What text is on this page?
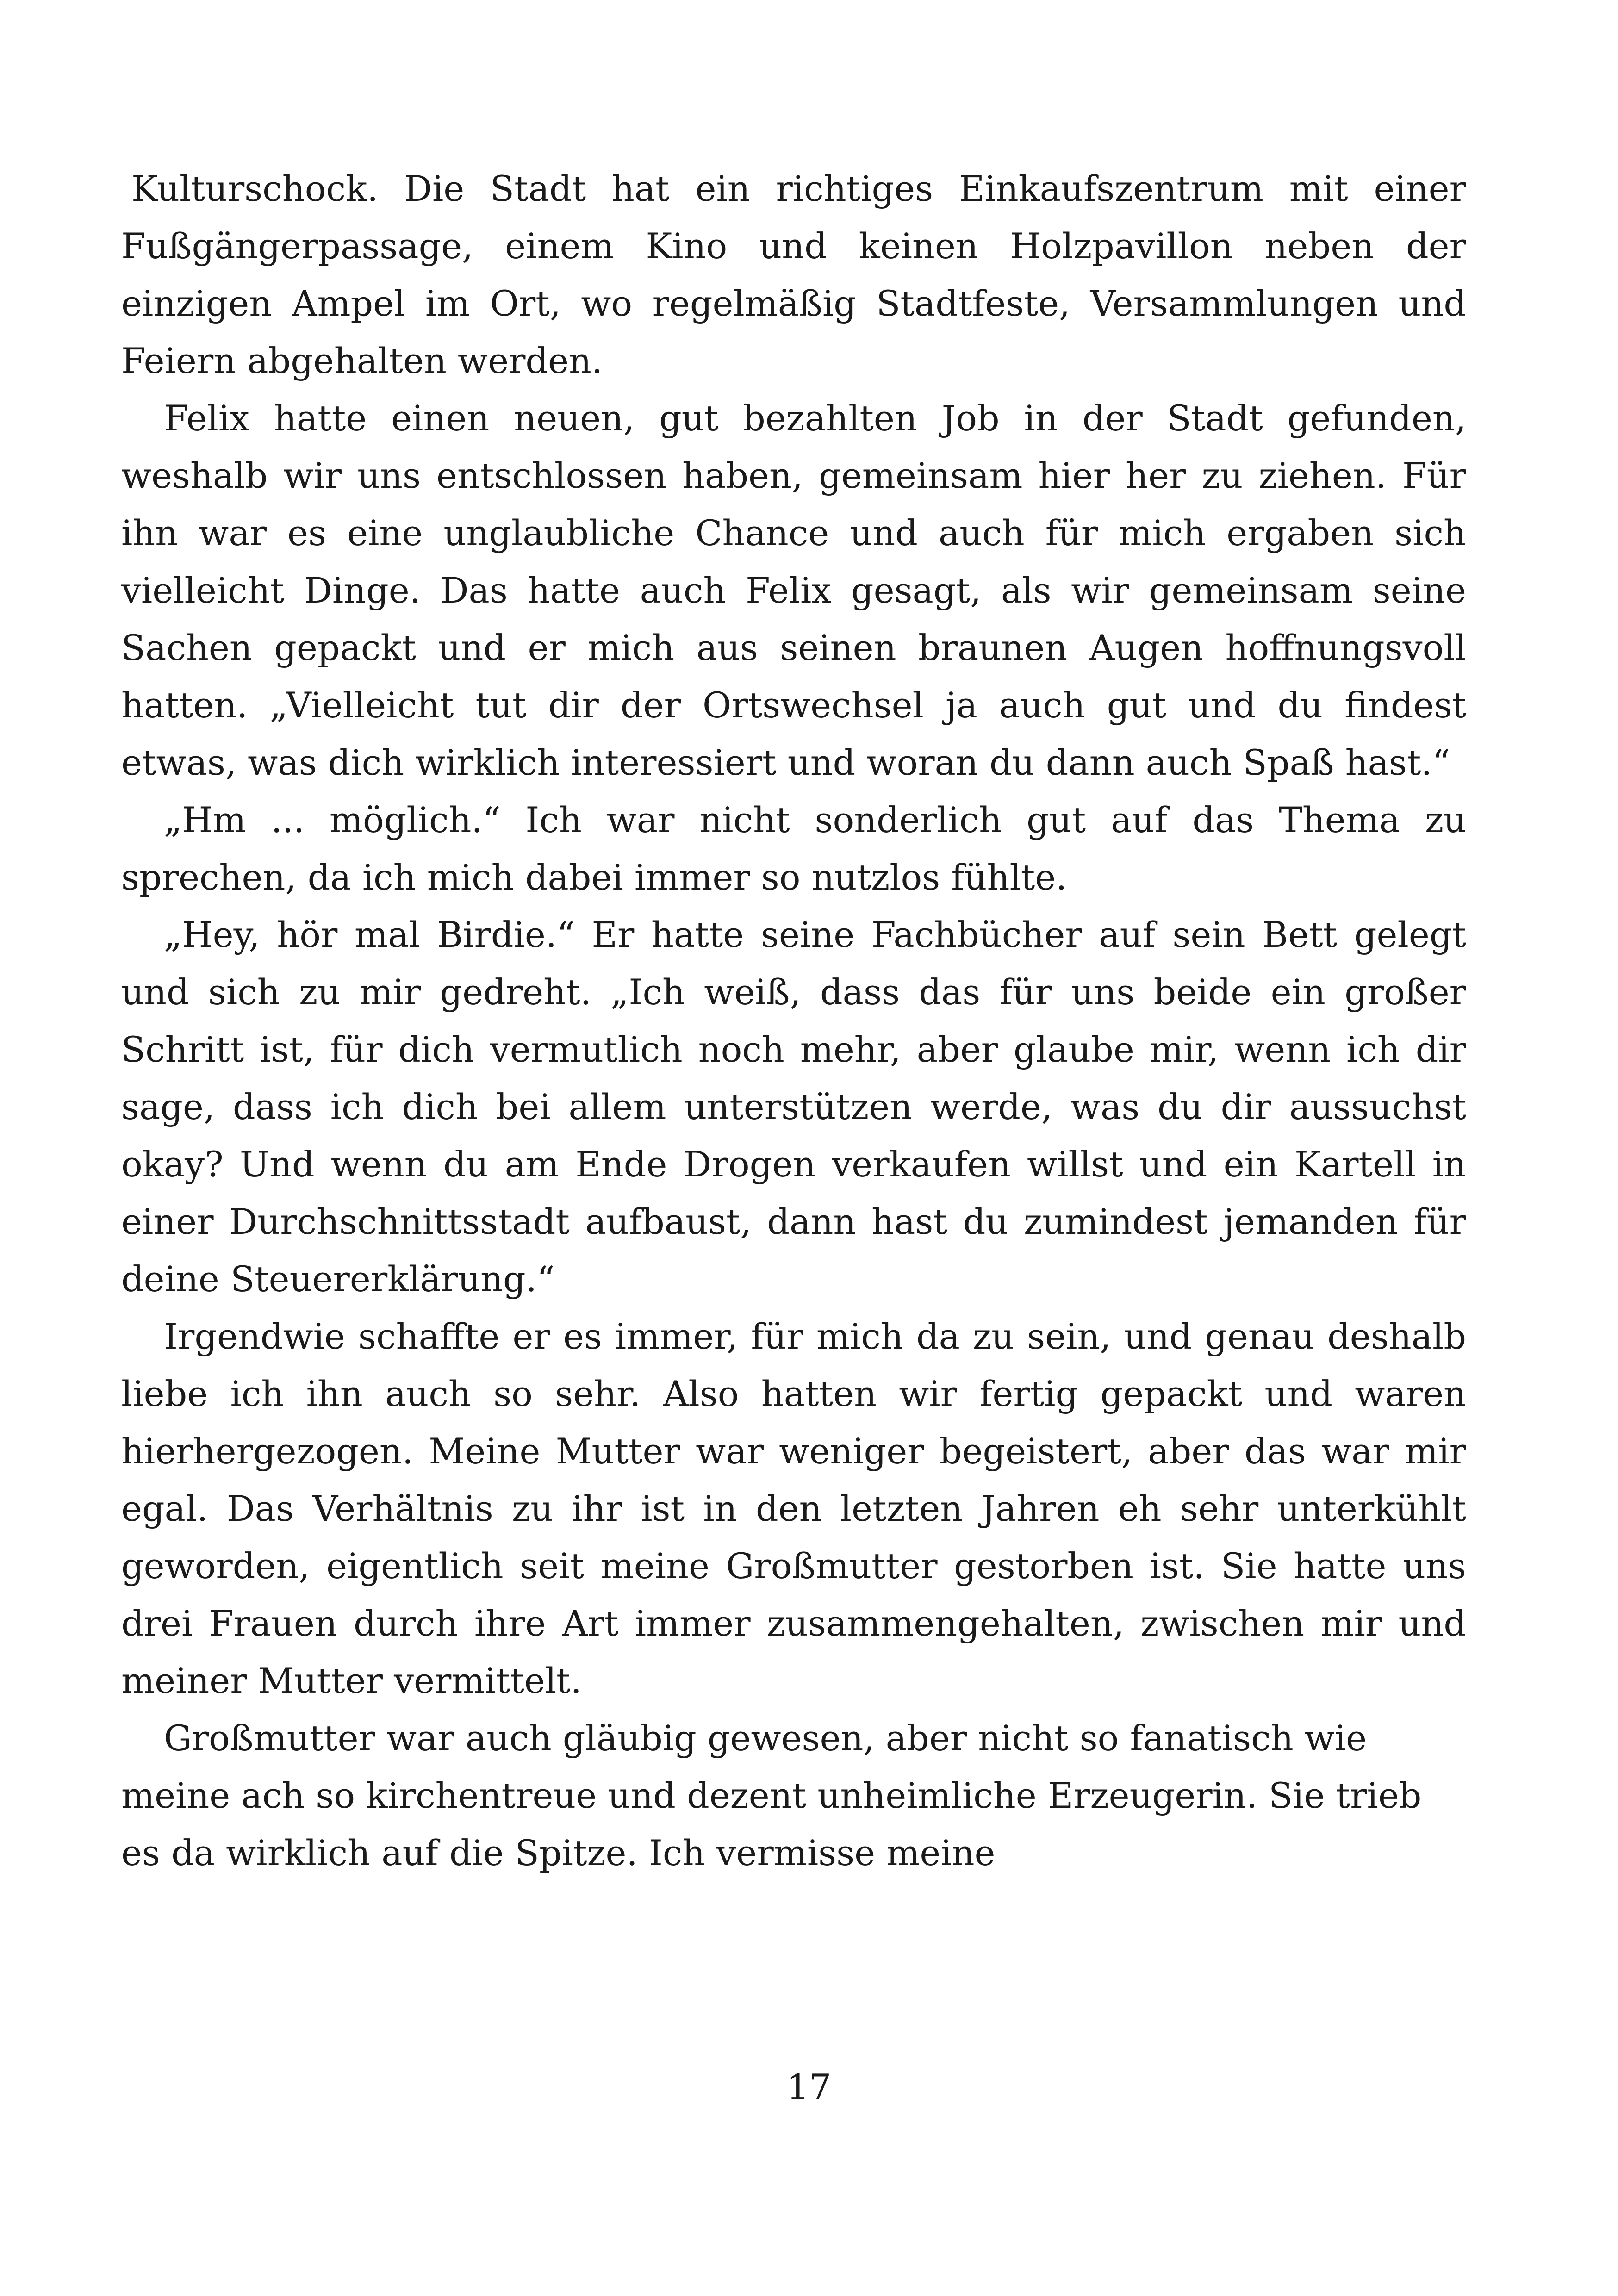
Kulturschock. Die Stadt hat ein richtiges Einkaufszentrum mit einer Fußgängerpassage, einem Kino und keinen Holzpavillon neben der einzigen Ampel im Ort, wo regelmäßig Stadtfeste, Versammlungen und Feiern abgehalten werden.

Felix hatte einen neuen, gut bezahlten Job in der Stadt gefunden, weshalb wir uns entschlossen haben, gemeinsam hier her zu ziehen. Für ihn war es eine unglaubliche Chance und auch für mich ergaben sich vielleicht Dinge. Das hatte auch Felix gesagt, als wir gemeinsam seine Sachen gepackt und er mich aus seinen braunen Augen hoffnungsvoll hatten. „Vielleicht tut dir der Ortswechsel ja auch gut und du findest etwas, was dich wirklich interessiert und woran du dann auch Spaß hast.“

„Hm ... möglich.“ Ich war nicht sonderlich gut auf das Thema zu sprechen, da ich mich dabei immer so nutzlos fühlte.

„Hey, hör mal Birdie.“ Er hatte seine Fachbücher auf sein Bett gelegt und sich zu mir gedreht. „Ich weiß, dass das für uns beide ein großer Schritt ist, für dich vermutlich noch mehr, aber glaube mir, wenn ich dir sage, dass ich dich bei allem unterstützen werde, was du dir aussuchst okay? Und wenn du am Ende Drogen verkaufen willst und ein Kartell in einer Durchschnittsstadt aufbaust, dann hast du zumindest jemanden für deine Steuererklärung.“

Irgendwie schaffte er es immer, für mich da zu sein, und genau deshalb liebe ich ihn auch so sehr. Also hatten wir fertig gepackt und waren hierhergezogen. Meine Mutter war weniger begeistert, aber das war mir egal. Das Verhältnis zu ihr ist in den letzten Jahren eh sehr unterkühlt geworden, eigentlich seit meine Großmutter gestorben ist. Sie hatte uns drei Frauen durch ihre Art immer zusammengehalten, zwischen mir und meiner Mutter vermittelt.

Großmutter war auch gläubig gewesen, aber nicht so fanatisch wie meine ach so kirchentreue und dezent unheimliche Erzeugerin. Sie trieb es da wirklich auf die Spitze. Ich vermisse meine

17
